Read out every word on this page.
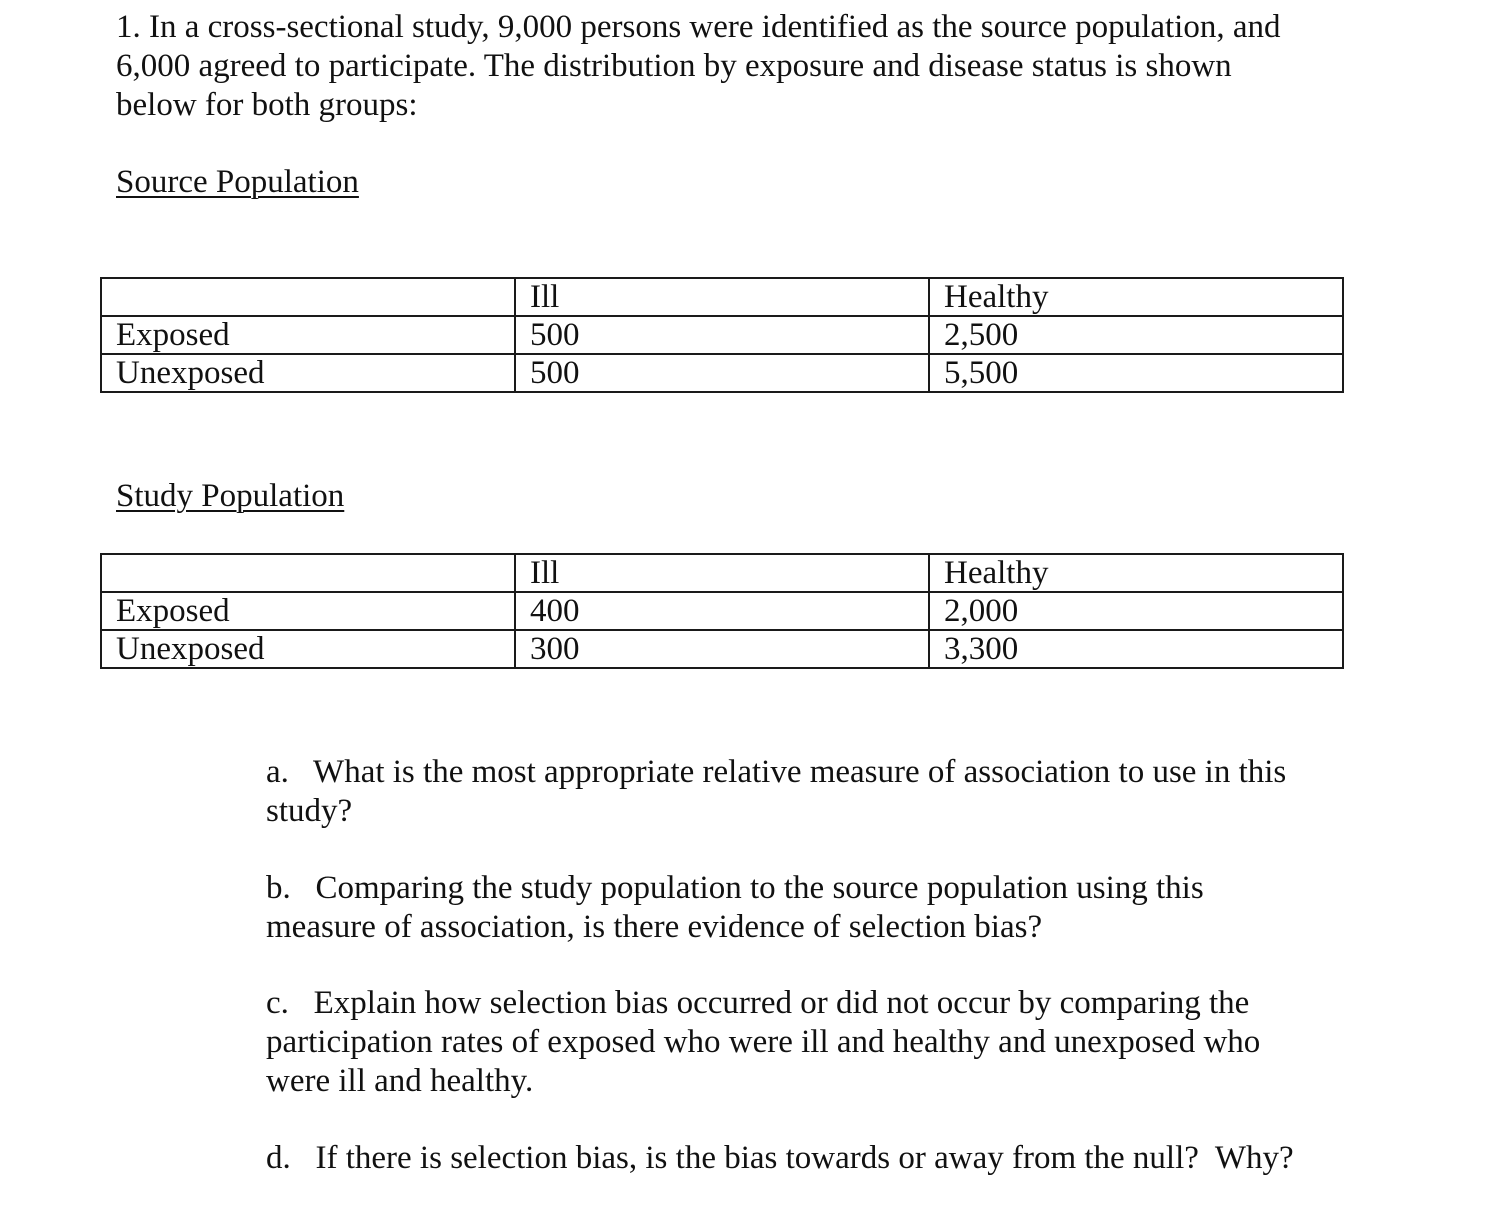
1. In a cross-sectional study, 9,000 persons were identified as the source population, and
6,000 agreed to participate. The distribution by exposure and disease status is shown
below for both groups:
Source Population
	Ill	Healthy
Exposed	500	2,500
Unexposed	500	5,500
Study Population
	Ill	Healthy
Exposed	400	2,000
Unexposed	300	3,300
a.   What is the most appropriate relative measure of association to use in this
study?
b.   Comparing the study population to the source population using this
measure of association, is there evidence of selection bias?
c.   Explain how selection bias occurred or did not occur by comparing the
participation rates of exposed who were ill and healthy and unexposed who
were ill and healthy.
d.   If there is selection bias, is the bias towards or away from the null?  Why?
